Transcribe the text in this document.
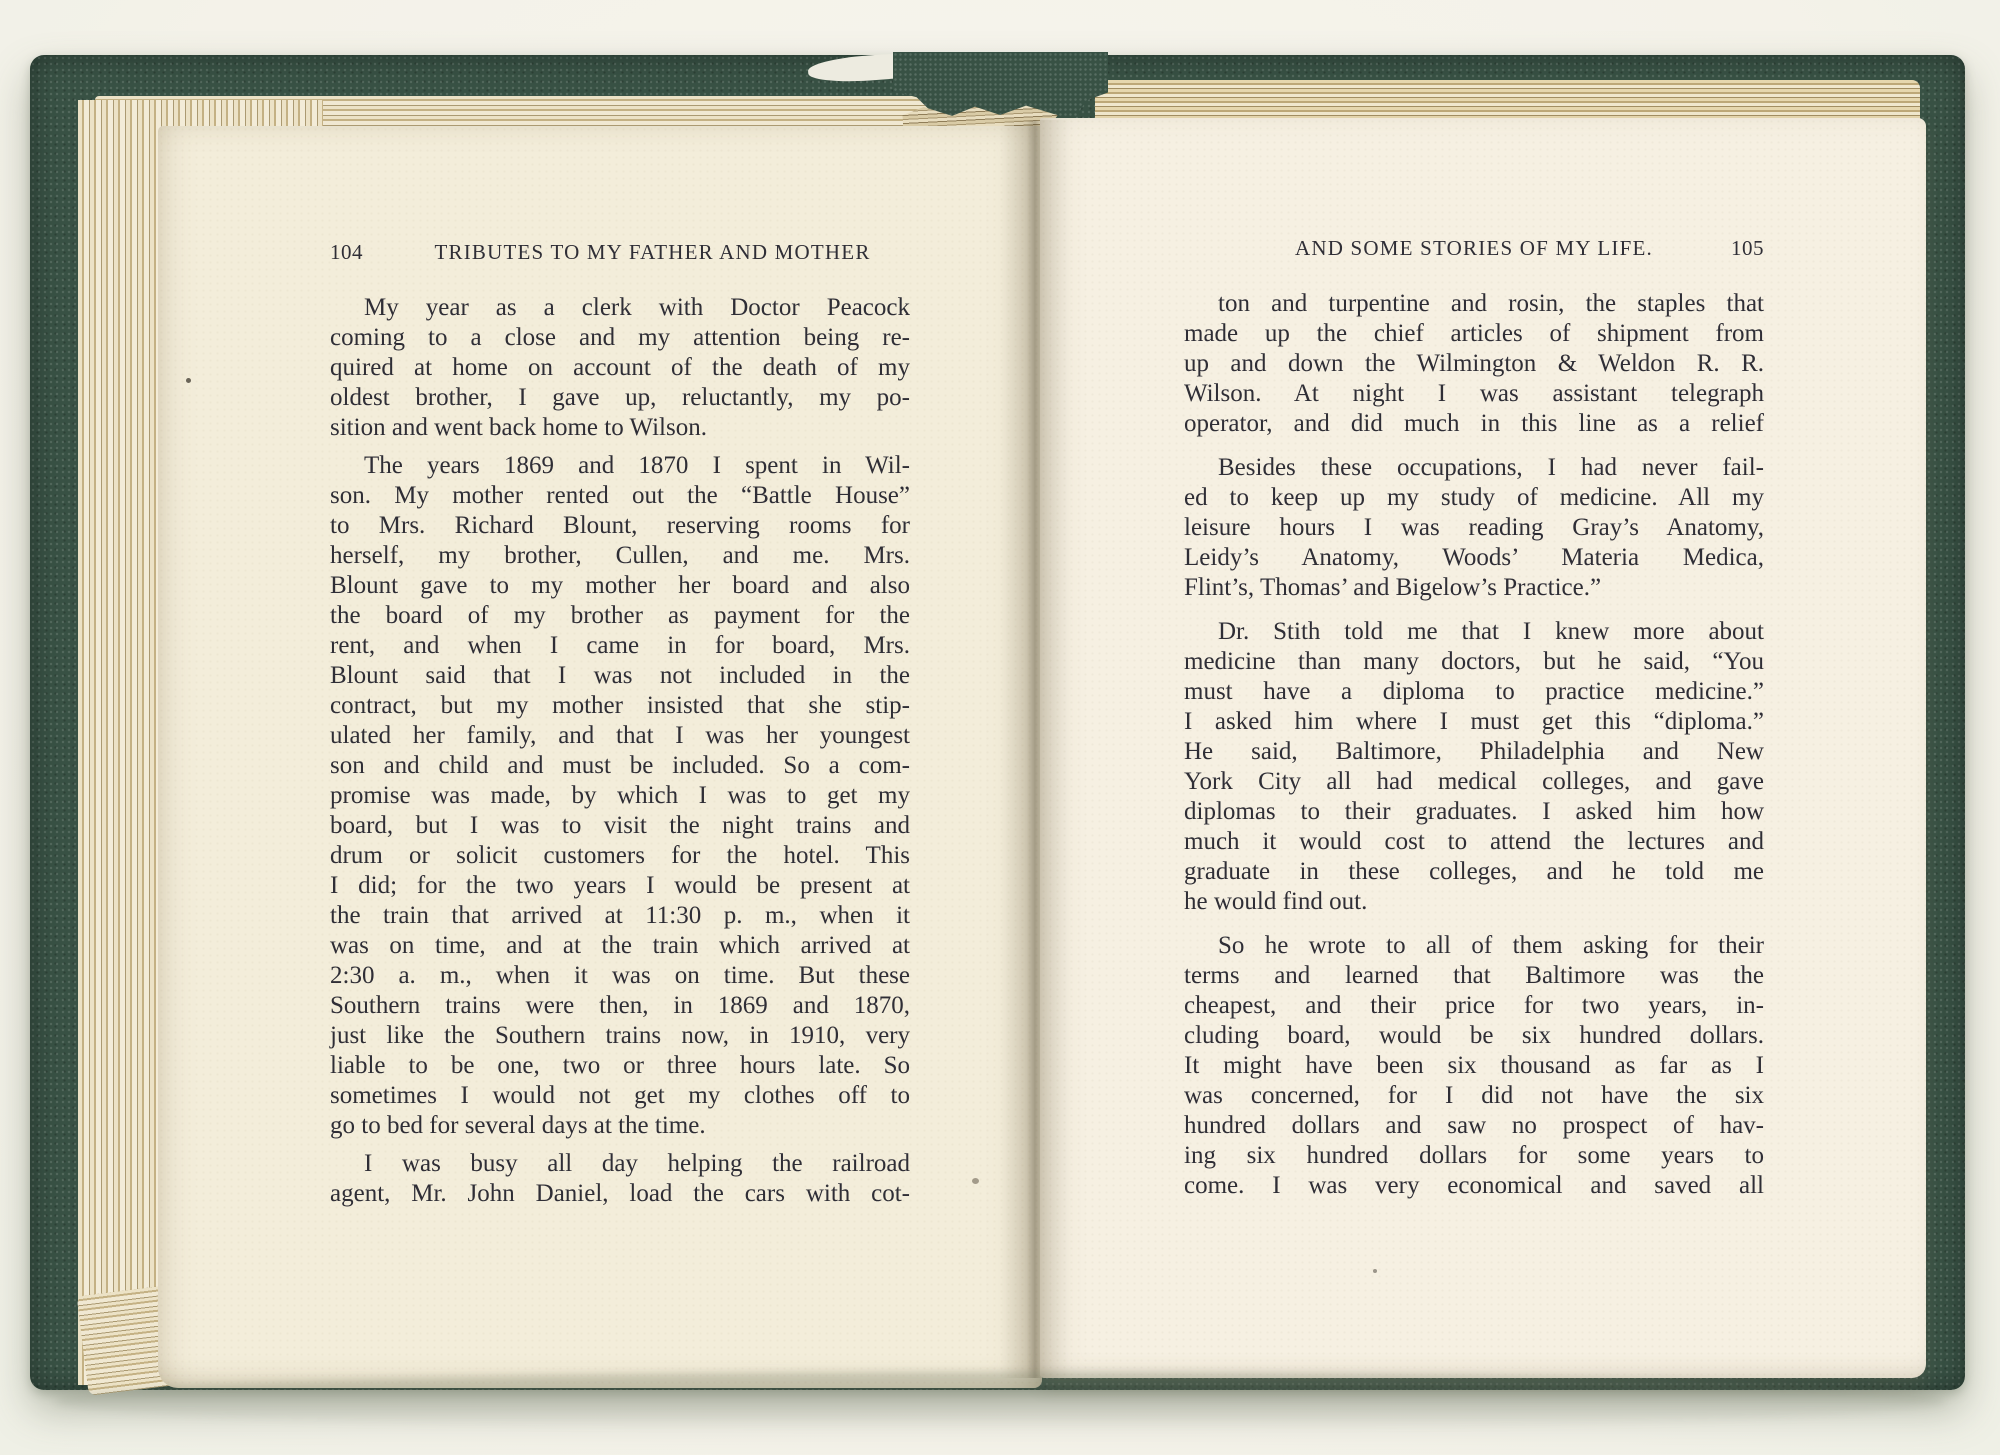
104	TRIBUTES TO MY FATHER AND MOTHER
My year as a clerk with Doctor Peacock
coming to a close and my attention being re-
quired at home on account of the death of my
oldest brother, I gave up, reluctantly, my po-
sition and went back home to Wilson.
The years 1869 and 1870 I spent in Wil-
son. My mother rented out the “Battle House”
to Mrs. Richard Blount, reserving rooms for
herself, my brother, Cullen, and me. Mrs.
Blount gave to my mother her board and also
the board of my brother as payment for the
rent, and when I came in for board, Mrs.
Blount said that I was not included in the
contract, but my mother insisted that she stip-
ulated her family, and that I was her youngest
son and child and must be included. So a com-
promise was made, by which I was to get my
board, but I was to visit the night trains and
drum or solicit customers for the hotel. This
I did; for the two years I would be present at
the train that arrived at 11:30 p. m., when it
was on time, and at the train which arrived at
2:30 a. m., when it was on time. But these
Southern trains were then, in 1869 and 1870,
just like the Southern trains now, in 1910, very
liable to be one, two or three hours late. So
sometimes I would not get my clothes off to
go to bed for several days at the time.
I was busy all day helping the railroad
agent, Mr. John Daniel, load the cars with cot-
AND SOME STORIES OF MY LIFE.	105
ton and turpentine and rosin, the staples that
made up the chief articles of shipment from
up and down the Wilmington & Weldon R. R.
Wilson. At night I was assistant telegraph
operator, and did much in this line as a relief
Besides these occupations, I had never fail-
ed to keep up my study of medicine. All my
leisure hours I was reading Gray’s Anatomy,
Leidy’s Anatomy, Woods’ Materia Medica,
Flint’s, Thomas’ and Bigelow’s Practice.”
Dr. Stith told me that I knew more about
medicine than many doctors, but he said, “You
must have a diploma to practice medicine.”
I asked him where I must get this “diploma.”
He said, Baltimore, Philadelphia and New
York City all had medical colleges, and gave
diplomas to their graduates. I asked him how
much it would cost to attend the lectures and
graduate in these colleges, and he told me
he would find out.
So he wrote to all of them asking for their
terms and learned that Baltimore was the
cheapest, and their price for two years, in-
cluding board, would be six hundred dollars.
It might have been six thousand as far as I
was concerned, for I did not have the six
hundred dollars and saw no prospect of hav-
ing six hundred dollars for some years to
come. I was very economical and saved all
